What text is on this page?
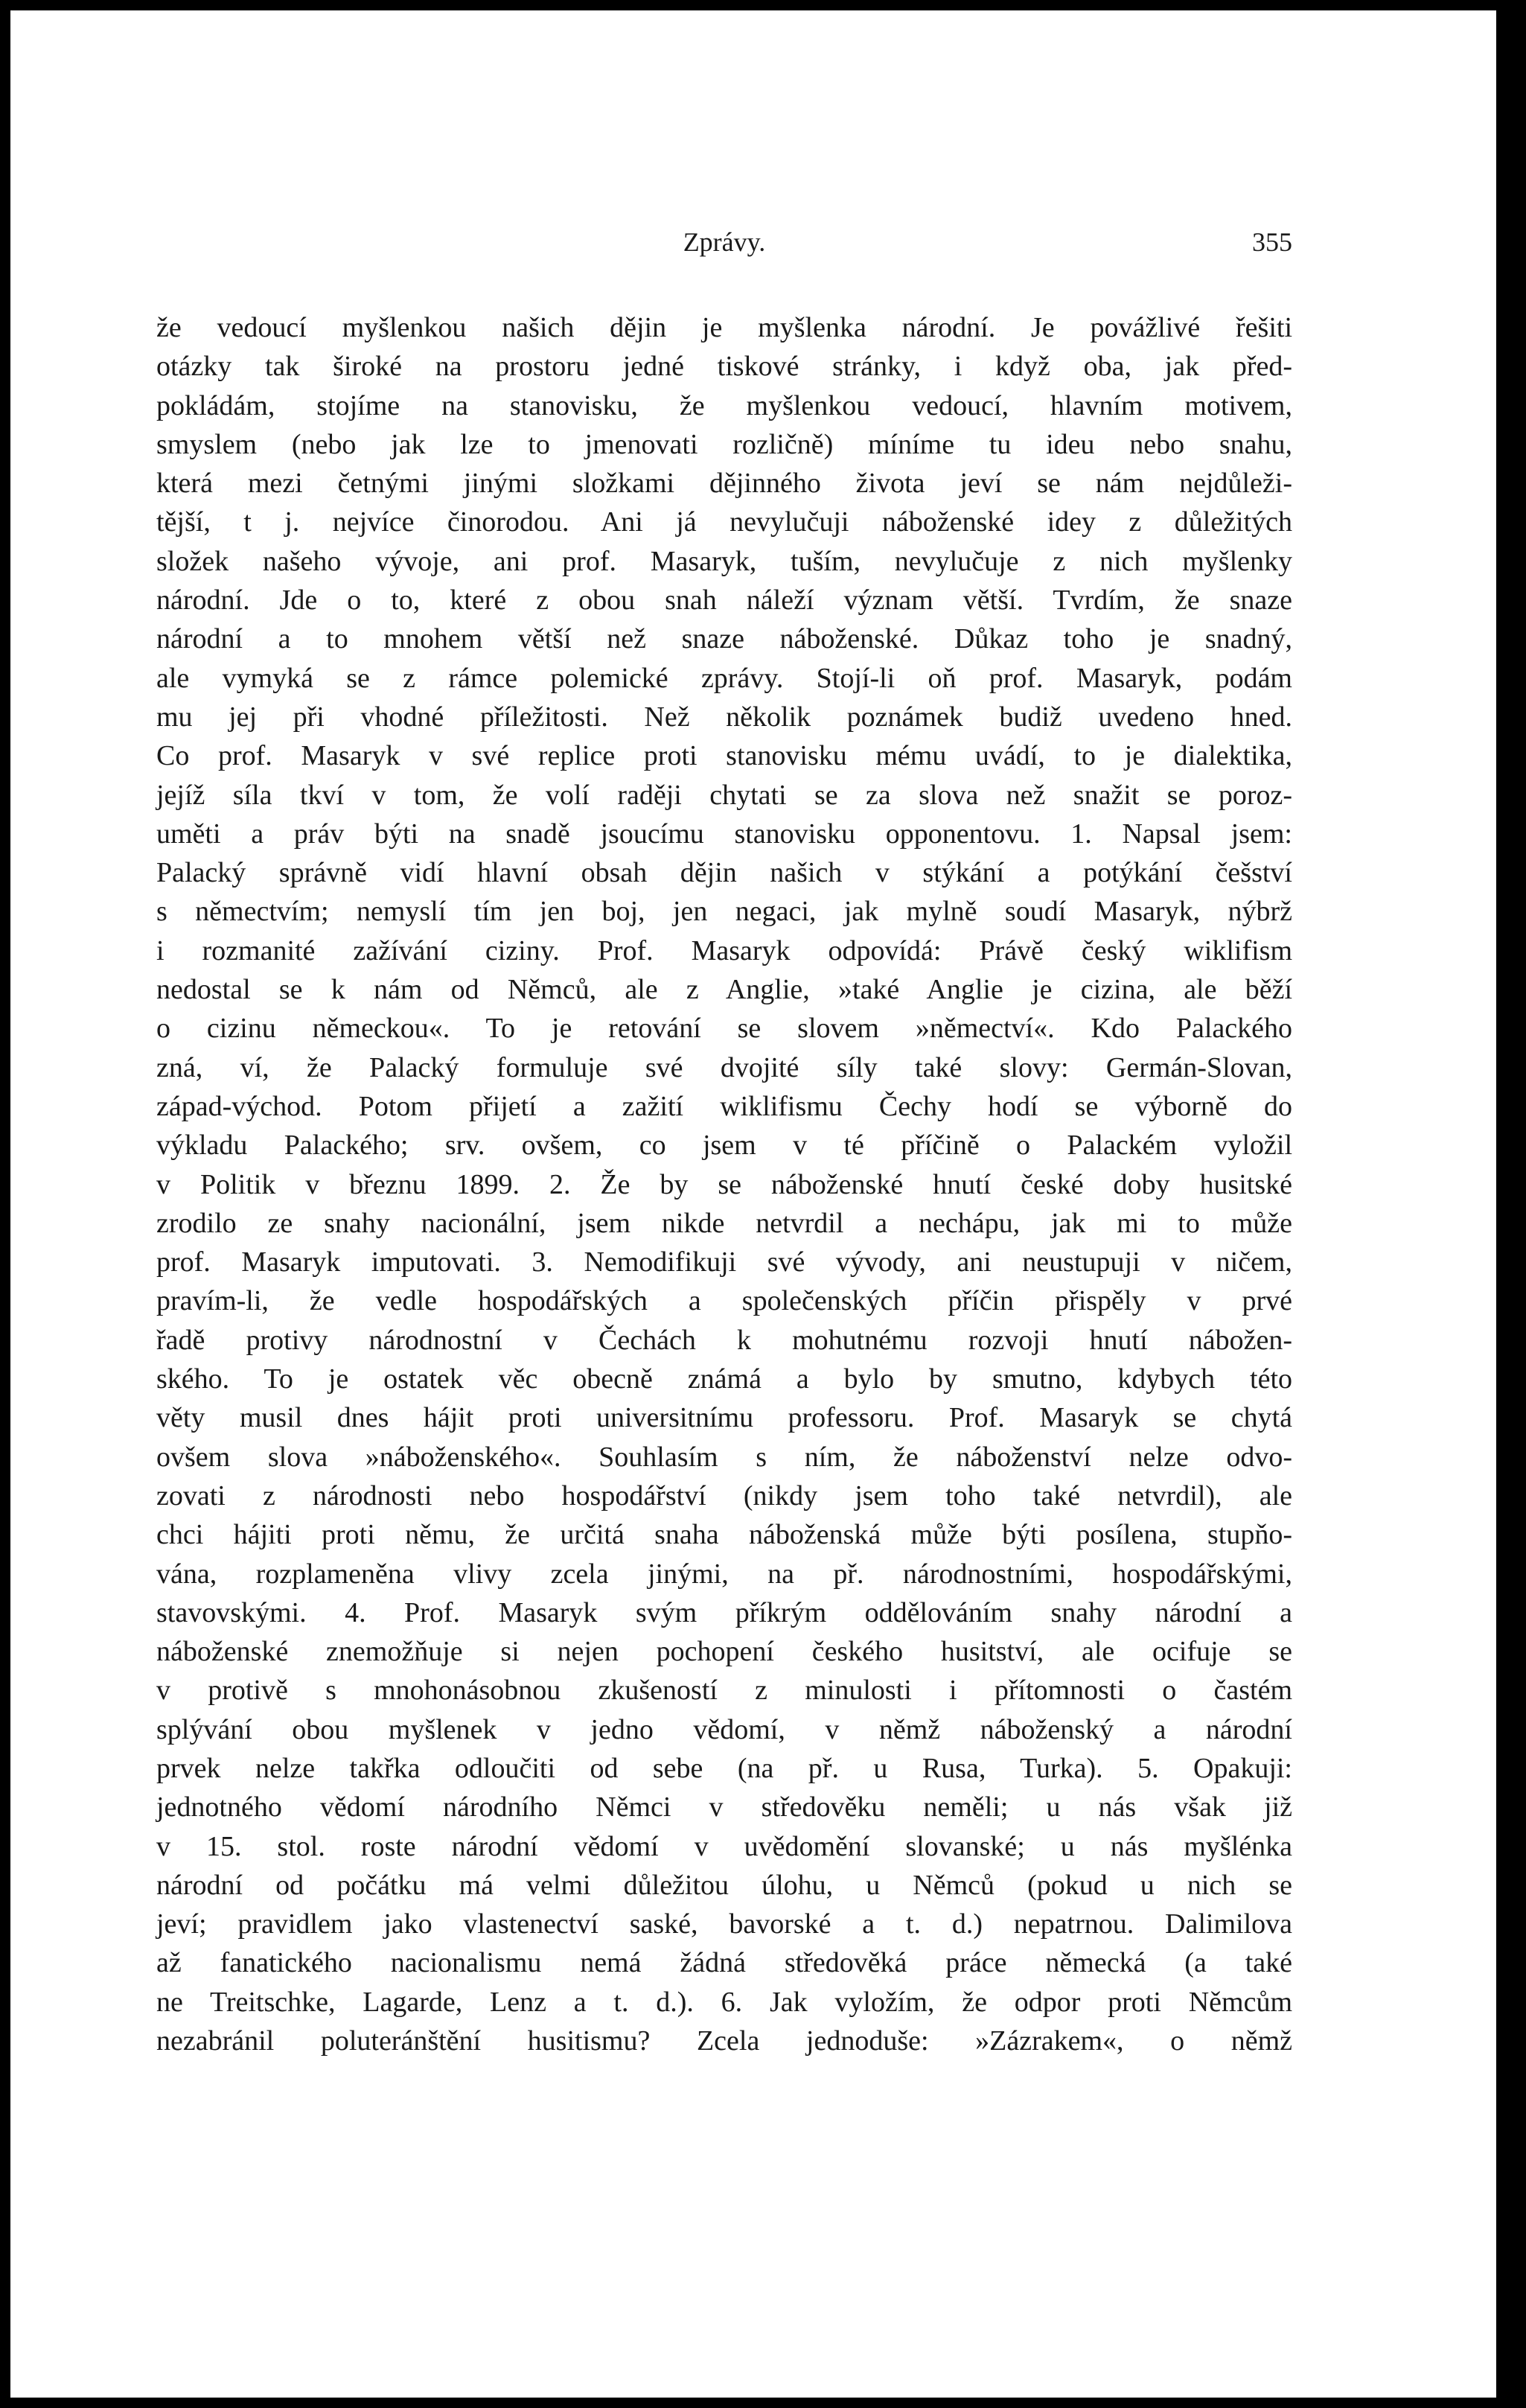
Zprávy.	355
že vedoucí myšlenkou našich dějin je myšlenka národní. Je povážlivé řešiti
otázky tak široké na prostoru jedné tiskové stránky, i když oba, jak před-
pokládám, stojíme na stanovisku, že myšlenkou vedoucí, hlavním motivem,
smyslem (nebo jak lze to jmenovati rozličně) míníme tu ideu nebo snahu,
která mezi četnými jinými složkami dějinného života jeví se nám nejdůleži-
tější, t j. nejvíce činorodou. Ani já nevylučuji náboženské idey z důležitých
složek našeho vývoje, ani prof. Masaryk, tuším, nevylučuje z nich myšlenky
národní. Jde o to, které z obou snah náleží význam větší. Tvrdím, že snaze
národní a to mnohem větší než snaze náboženské. Důkaz toho je snadný,
ale vymyká se z rámce polemické zprávy. Stojí-li oň prof. Masaryk, podám
mu jej při vhodné příležitosti. Než několik poznámek budiž uvedeno hned.
Co prof. Masaryk v své replice proti stanovisku mému uvádí, to je dialektika,
jejíž síla tkví v tom, že volí raději chytati se za slova než snažit se poroz-
uměti a práv býti na snadě jsoucímu stanovisku opponentovu. 1. Napsal jsem:
Palacký správně vidí hlavní obsah dějin našich v stýkání a potýkání češství
s němectvím; nemyslí tím jen boj, jen negaci, jak mylně soudí Masaryk, nýbrž
i rozmanité zažívání ciziny. Prof. Masaryk odpovídá: Právě český wiklifism
nedostal se k nám od Němců, ale z Anglie, »také Anglie je cizina, ale běží
o cizinu německou«. To je retování se slovem »němectví«. Kdo Palackého
zná, ví, že Palacký formuluje své dvojité síly také slovy: Germán-Slovan,
západ-východ. Potom přijetí a zažití wiklifismu Čechy hodí se výborně do
výkladu Palackého; srv. ovšem, co jsem v té příčině o Palackém vyložil
v Politik v březnu 1899. 2. Že by se náboženské hnutí české doby husitské
zrodilo ze snahy nacionální, jsem nikde netvrdil a nechápu, jak mi to může
prof. Masaryk imputovati. 3. Nemodifikuji své vývody, ani neustupuji v ničem,
pravím-li, že vedle hospodářských a společenských příčin přispěly v prvé
řadě protivy národnostní v Čechách k mohutnému rozvoji hnutí nábožen-
ského. To je ostatek věc obecně známá a bylo by smutno, kdybych této
věty musil dnes hájit proti universitnímu professoru. Prof. Masaryk se chytá
ovšem slova »náboženského«. Souhlasím s ním, že náboženství nelze odvo-
zovati z národnosti nebo hospodářství (nikdy jsem toho také netvrdil), ale
chci hájiti proti němu, že určitá snaha náboženská může býti posílena, stupňo-
vána, rozplameněna vlivy zcela jinými, na př. národnostními, hospodářskými,
stavovskými. 4. Prof. Masaryk svým příkrým oddělováním snahy národní a
náboženské znemožňuje si nejen pochopení českého husitství, ale ocifuje se
v protivě s mnohonásobnou zkušeností z minulosti i přítomnosti o častém
splývání obou myšlenek v jedno vědomí, v němž náboženský a národní
prvek nelze takřka odloučiti od sebe (na př. u Rusa, Turka). 5. Opakuji:
jednotného vědomí národního Němci v středověku neměli; u nás však již
v 15. stol. roste národní vědomí v uvědomění slovanské; u nás myšlénka
národní od počátku má velmi důležitou úlohu, u Němců (pokud u nich se
jeví; pravidlem jako vlastenectví saské, bavorské a t. d.) nepatrnou. Dalimilova
až fanatického nacionalismu nemá žádná středověká práce německá (a také
ne Treitschke, Lagarde, Lenz a t. d.). 6. Jak vyložím, že odpor proti Němcům
nezabránil poluteránštění husitismu? Zcela jednoduše: »Zázrakem«, o němž
